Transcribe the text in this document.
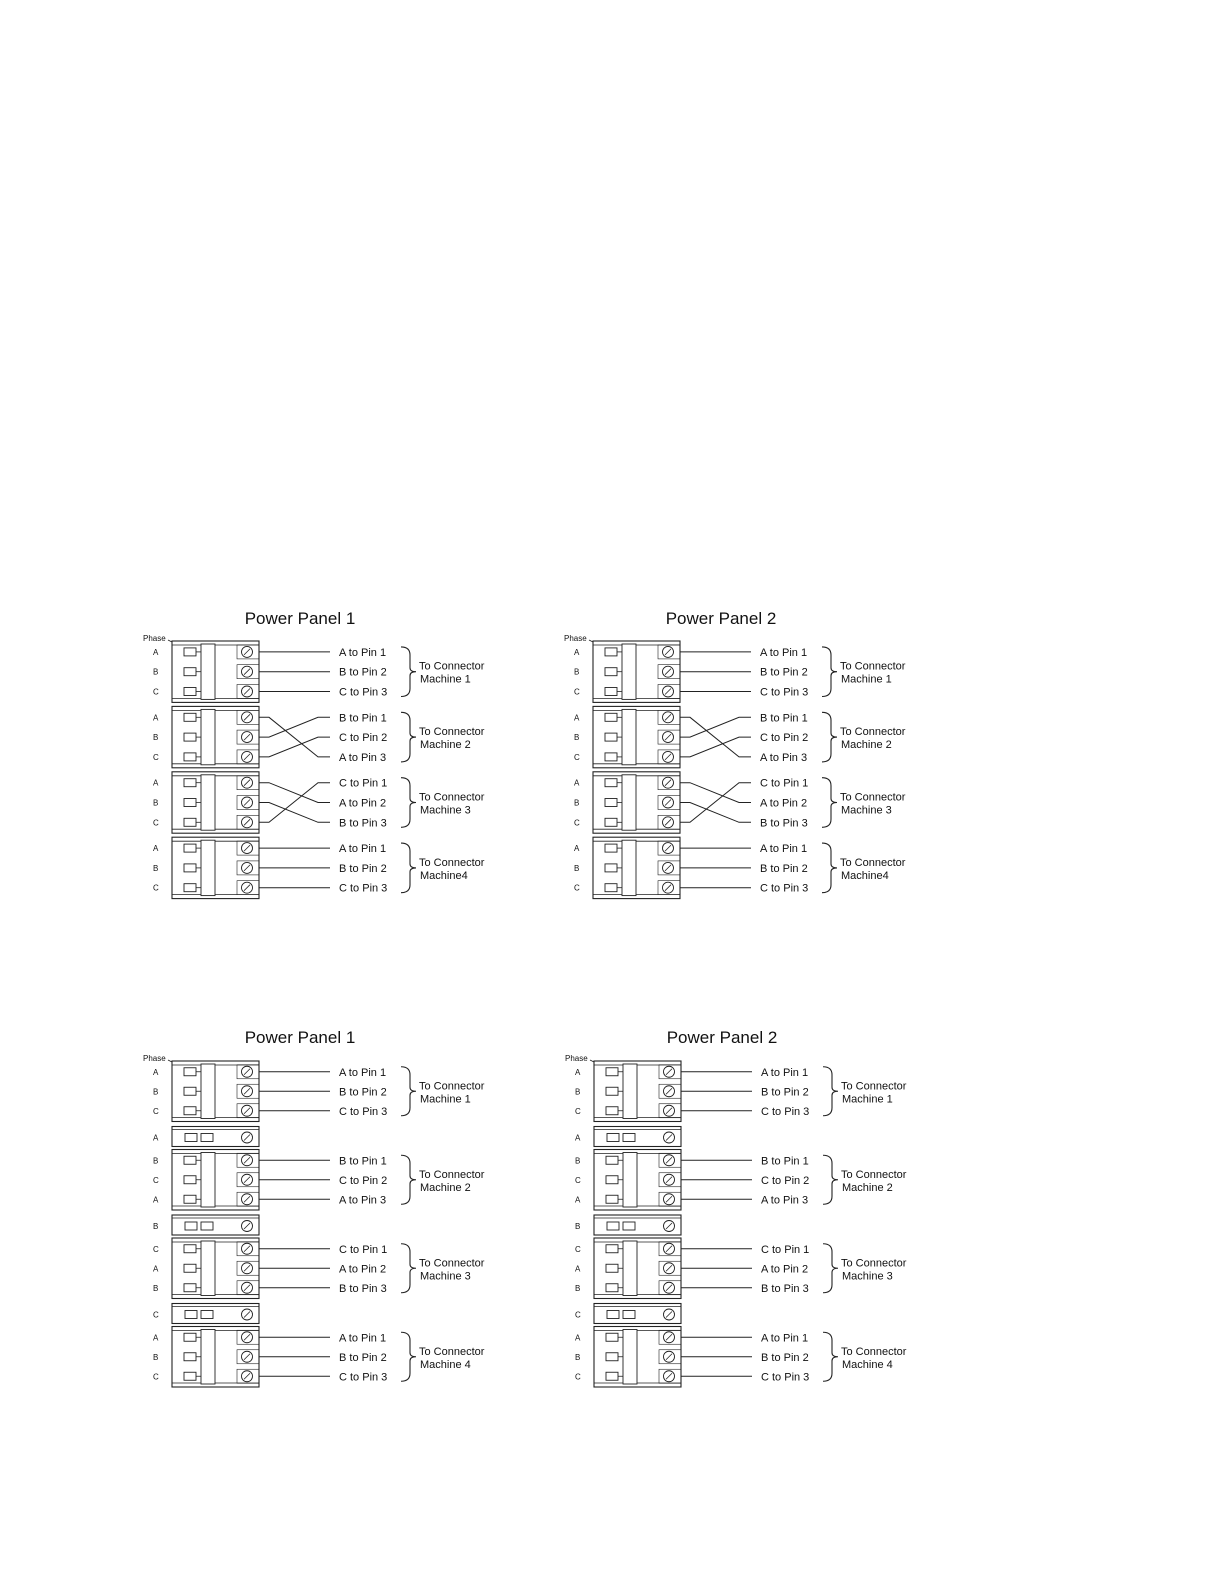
Power Panel 1
Phase
A
B
C
A to Pin 1
B to Pin 2
C to Pin 3
To Connector
Machine 1
A
B
C
B to Pin 1
C to Pin 2
A to Pin 3
To Connector
Machine 2
A
B
C
C to Pin 1
A to Pin 2
B to Pin 3
To Connector
Machine 3
A
B
C
A to Pin 1
B to Pin 2
C to Pin 3
To Connector
Machine4
Power Panel 2
Phase
A
B
C
A to Pin 1
B to Pin 2
C to Pin 3
To Connector
Machine 1
A
B
C
B to Pin 1
C to Pin 2
A to Pin 3
To Connector
Machine 2
A
B
C
C to Pin 1
A to Pin 2
B to Pin 3
To Connector
Machine 3
A
B
C
A to Pin 1
B to Pin 2
C to Pin 3
To Connector
Machine4
Power Panel 1
Phase
A
B
C
A to Pin 1
B to Pin 2
C to Pin 3
To Connector
Machine 1
A
B
C
A
B to Pin 1
C to Pin 2
A to Pin 3
To Connector
Machine 2
B
C
A
B
C to Pin 1
A to Pin 2
B to Pin 3
To Connector
Machine 3
C
A
B
C
A to Pin 1
B to Pin 2
C to Pin 3
To Connector
Machine 4
Power Panel 2
Phase
A
B
C
A to Pin 1
B to Pin 2
C to Pin 3
To Connector
Machine 1
A
B
C
A
B to Pin 1
C to Pin 2
A to Pin 3
To Connector
Machine 2
B
C
A
B
C to Pin 1
A to Pin 2
B to Pin 3
To Connector
Machine 3
C
A
B
C
A to Pin 1
B to Pin 2
C to Pin 3
To Connector
Machine 4
